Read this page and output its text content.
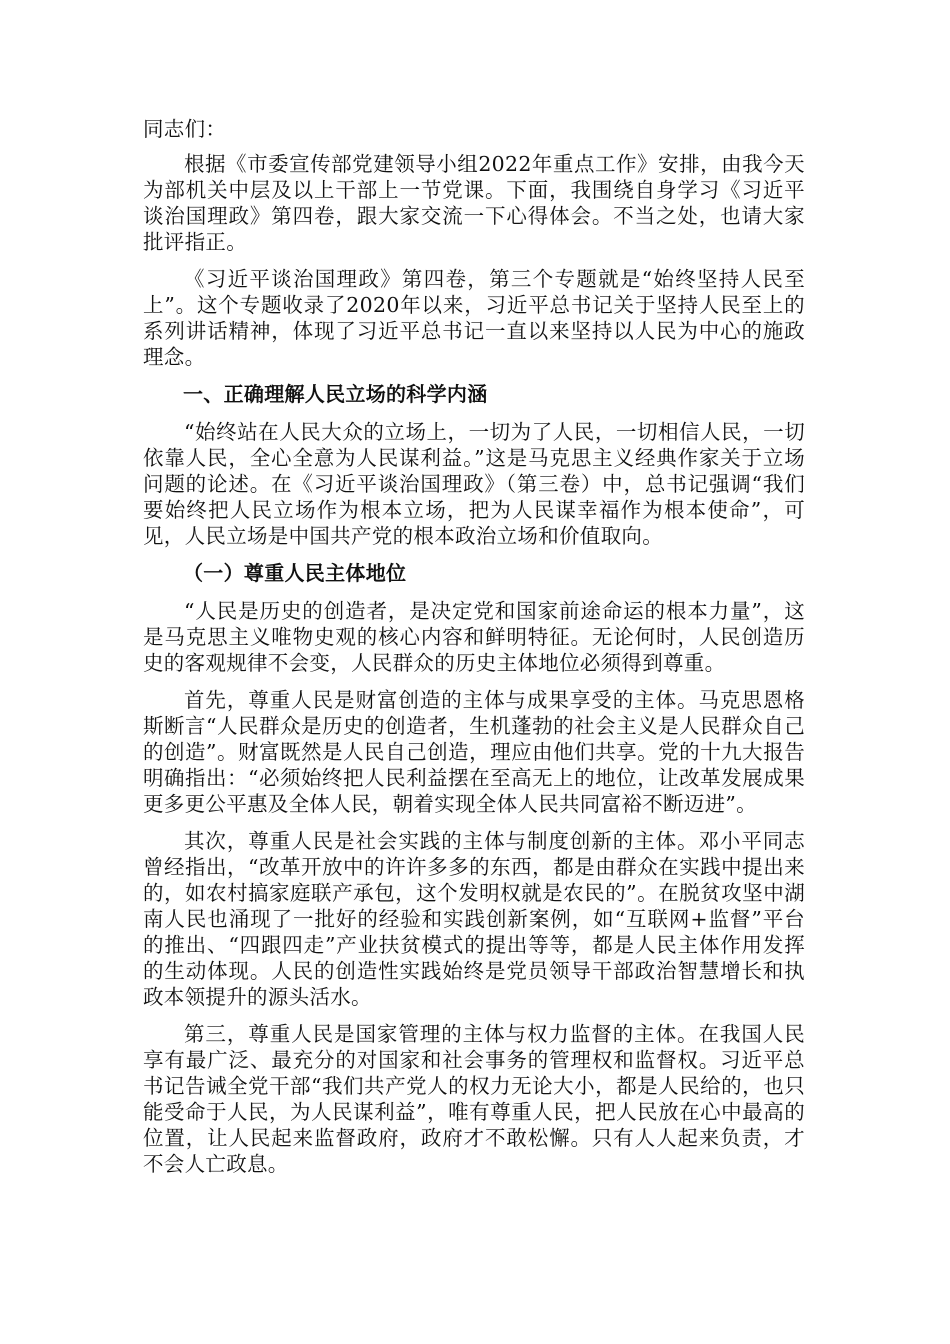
同志们：

根据《市委宣传部党建领导小组2022年重点工作》安排，由我今天为部机关中层及以上干部上一节党课。下面，我围绕自身学习《习近平谈治国理政》第四卷，跟大家交流一下心得体会。不当之处，也请大家批评指正。

《习近平谈治国理政》第四卷，第三个专题就是“始终坚持人民至上”。这个专题收录了2020年以来，习近平总书记关于坚持人民至上的系列讲话精神，体现了习近平总书记一直以来坚持以人民为中心的施政理念。

一、正确理解人民立场的科学内涵

“始终站在人民大众的立场上，一切为了人民，一切相信人民，一切依靠人民，全心全意为人民谋利益。”这是马克思主义经典作家关于立场问题的论述。在《习近平谈治国理政》（第三卷）中，总书记强调“我们要始终把人民立场作为根本立场，把为人民谋幸福作为根本使命”，可见，人民立场是中国共产党的根本政治立场和价值取向。

（一）尊重人民主体地位

“人民是历史的创造者，是决定党和国家前途命运的根本力量”，这是马克思主义唯物史观的核心内容和鲜明特征。无论何时，人民创造历史的客观规律不会变，人民群众的历史主体地位必须得到尊重。

首先，尊重人民是财富创造的主体与成果享受的主体。马克思恩格斯断言“人民群众是历史的创造者，生机蓬勃的社会主义是人民群众自己的创造”。财富既然是人民自己创造，理应由他们共享。党的十九大报告明确指出：“必须始终把人民利益摆在至高无上的地位，让改革发展成果更多更公平惠及全体人民，朝着实现全体人民共同富裕不断迈进”。

其次，尊重人民是社会实践的主体与制度创新的主体。邓小平同志曾经指出，“改革开放中的许许多多的东西，都是由群众在实践中提出来的，如农村搞家庭联产承包，这个发明权就是农民的”。在脱贫攻坚中湖南人民也涌现了一批好的经验和实践创新案例，如“互联网+监督”平台的推出、“四跟四走”产业扶贫模式的提出等等，都是人民主体作用发挥的生动体现。人民的创造性实践始终是党员领导干部政治智慧增长和执政本领提升的源头活水。

第三，尊重人民是国家管理的主体与权力监督的主体。在我国人民享有最广泛、最充分的对国家和社会事务的管理权和监督权。习近平总书记告诫全党干部“我们共产党人的权力无论大小，都是人民给的，也只能受命于人民，为人民谋利益”，唯有尊重人民，把人民放在心中最高的位置，让人民起来监督政府，政府才不敢松懈。只有人人起来负责，才不会人亡政息。
